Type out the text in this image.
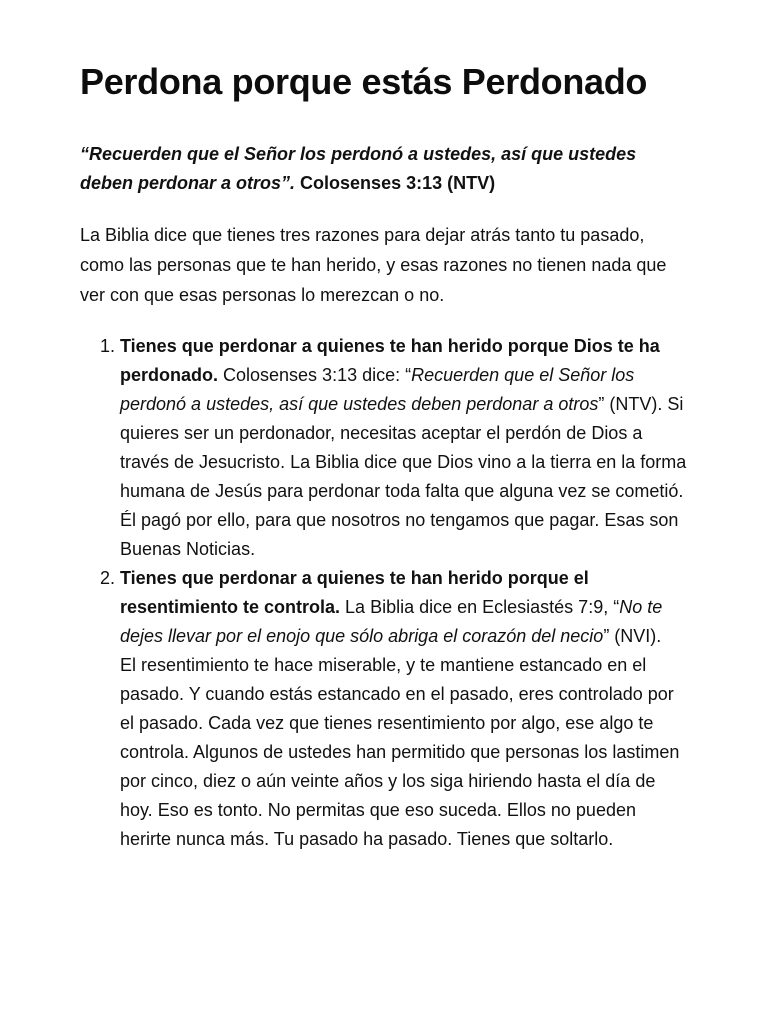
Perdona porque estás Perdonado

“Recuerden que el Señor los perdonó a ustedes, así que ustedes deben perdonar a otros”. Colosenses 3:13 (NTV)

La Biblia dice que tienes tres razones para dejar atrás tanto tu pasado, como las personas que te han herido, y esas razones no tienen nada que ver con que esas personas lo merezcan o no.

1. Tienes que perdonar a quienes te han herido porque Dios te ha perdonado. Colosenses 3:13 dice: “Recuerden que el Señor los perdonó a ustedes, así que ustedes deben perdonar a otros” (NTV). Si quieres ser un perdonador, necesitas aceptar el perdón de Dios a través de Jesucristo. La Biblia dice que Dios vino a la tierra en la forma humana de Jesús para perdonar toda falta que alguna vez se cometió. Él pagó por ello, para que nosotros no tengamos que pagar. Esas son Buenas Noticias.
2. Tienes que perdonar a quienes te han herido porque el resentimiento te controla. La Biblia dice en Eclesiastés 7:9, “No te dejes llevar por el enojo que sólo abriga el corazón del necio” (NVI).
El resentimiento te hace miserable, y te mantiene estancado en el pasado. Y cuando estás estancado en el pasado, eres controlado por el pasado. Cada vez que tienes resentimiento por algo, ese algo te controla. Algunos de ustedes han permitido que personas los lastimen por cinco, diez o aún veinte años y los siga hiriendo hasta el día de hoy. Eso es tonto. No permitas que eso suceda. Ellos no pueden herirte nunca más. Tu pasado ha pasado. Tienes que soltarlo.
